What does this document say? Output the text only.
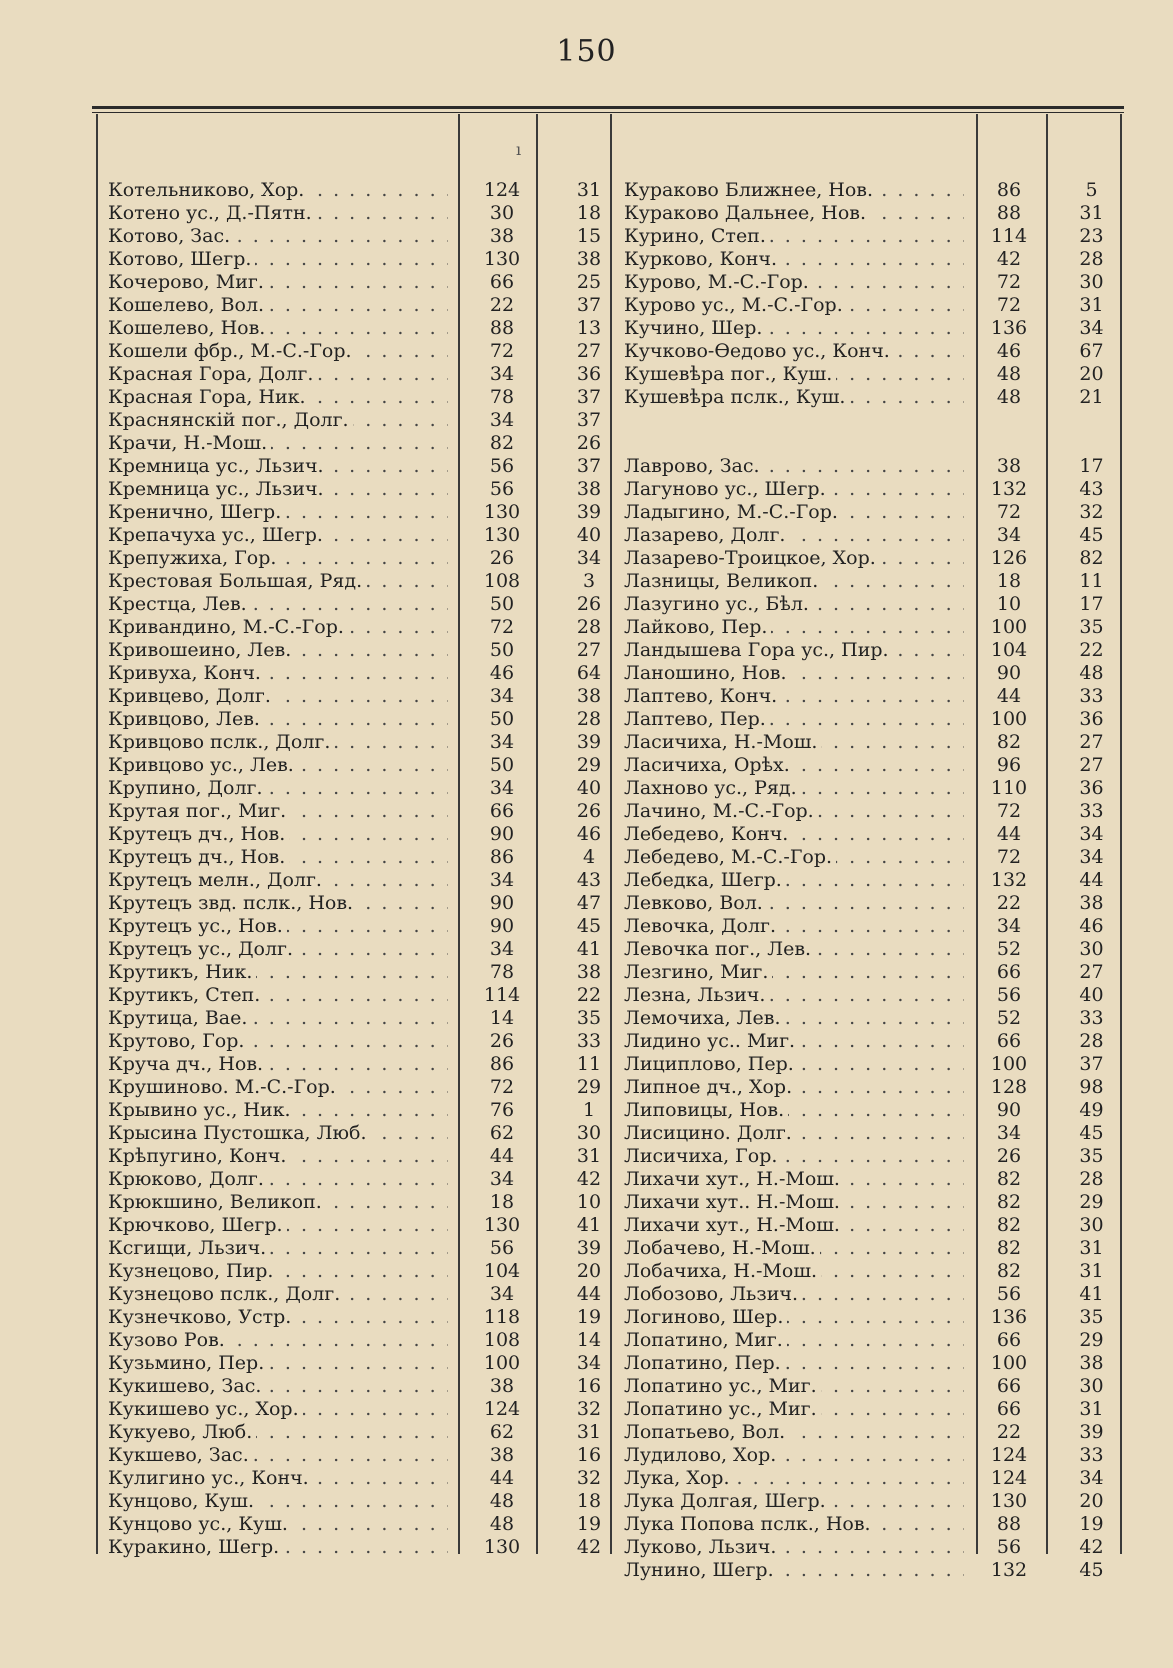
150
ı
Котельниково, Хор. . . .	124	31
Котено ус., Д.-Пятн. . . .	30	18
Котово, Зас. . . .	38	15
Котово, Шегр. . . .	130	38
Кочерово, Миг. . . .	66	25
Кошелево, Вол. . . .	22	37
Кошелево, Нов. . . .	88	13
Кошели фбр., М.-С.-Гор. . . .	72	27
Красная Гора, Долг. . . .	34	36
Красная Гора, Ник. . . .	78	37
Краснянскій пог., Долг. . . .	34	37
Крачи, Н.-Мош. . . .	82	26
Кремница ус., Льзич. . . .	56	37
Кремница ус., Льзич. . . .	56	38
Кренично, Шегр. . . .	130	39
Крепачуха ус., Шегр. . . .	130	40
Крепужиха, Гор. . . .	26	34
Крестовая Большая, Ряд. . . .	108	3
Крестца, Лев. . . .	50	26
Кривандино, М.-С.-Гор. . . .	72	28
Кривошеино, Лев. . . .	50	27
Кривуха, Конч. . . .	46	64
Кривцево, Долг. . . .	34	38
Кривцово, Лев. . . .	50	28
Кривцово пслк., Долг. . . .	34	39
Кривцово ус., Лев. . . .	50	29
Крупино, Долг. . . .	34	40
Крутая пог., Миг. . . .	66	26
Крутецъ дч., Нов. . . .	90	46
Крутецъ дч., Нов. . . .	86	4
Крутецъ мелн., Долг. . . .	34	43
Крутецъ звд. пслк., Нов. . . .	90	47
Крутецъ ус., Нов. . . .	90	45
Крутецъ ус., Долг. . . .	34	41
Крутикъ, Ник. . . .	78	38
Крутикъ, Степ. . . .	114	22
Крутица, Вае. . . .	14	35
Крутово, Гор. . . .	26	33
Круча дч., Нов. . . .	86	11
Крушиново. М.-С.-Гор. . . .	72	29
Крывино ус., Ник. . . .	76	1
Крысина Пустошка, Люб. . . .	62	30
Крѣпугино, Конч. . . .	44	31
Крюково, Долг. . . .	34	42
Крюкшино, Великоп. . . .	18	10
Крючково, Шегр. . . .	130	41
Ксгищи, Льзич. . . .	56	39
Кузнецово, Пир. . . .	104	20
Кузнецово пслк., Долг. . . .	34	44
Кузнечково, Устр. . . .	118	19
Кузово Ров. . . .	108	14
Кузьмино, Пер. . . .	100	34
Кукишево, Зас. . . .	38	16
Кукишево ус., Хор. . . .	124	32
Кукуево, Люб. . . .	62	31
Кукшево, Зас. . . .	38	16
Кулигино ус., Конч. . . .	44	32
Кунцово, Куш. . . .	48	18
Кунцово ус., Куш. . . .	48	19
Куракино, Шегр. . . .	130	42
Кураково Ближнее, Нов. . . .	86	5
Кураково Дальнее, Нов. . . .	88	31
Курино, Степ. . . .	114	23
Курково, Конч. . . .	42	28
Курово, М.-С.-Гор. . . .	72	30
Курово ус., М.-С.-Гор. . . .	72	31
Кучино, Шер. . . .	136	34
Кучково-Ѳедово ус., Конч. . . .	46	67
Кушевѣра пог., Куш. . . .	48	20
Кушевѣра пслк., Куш. . . .	48	21
Лаврово, Зас. . . .	38	17
Лагуново ус., Шегр. . . .	132	43
Ладыгино, М.-С.-Гор. . . .	72	32
Лазарево, Долг. . . .	34	45
Лазарево-Троицкое, Хор. . . .	126	82
Лазницы, Великоп. . . .	18	11
Лазугино ус., Бѣл. . . .	10	17
Лайково, Пер. . . .	100	35
Ландышева Гора ус., Пир. . . .	104	22
Ланошино, Нов. . . .	90	48
Лаптево, Конч. . . .	44	33
Лаптево, Пер. . . .	100	36
Ласичиха, Н.-Мош. . . .	82	27
Ласичиха, Орѣх. . . .	96	27
Лахново ус., Ряд. . . .	110	36
Лачино, М.-С.-Гор. . . .	72	33
Лебедево, Конч. . . .	44	34
Лебедево, М.-С.-Гор. . . .	72	34
Лебедка, Шегр. . . .	132	44
Левково, Вол. . . .	22	38
Левочка, Долг. . . .	34	46
Левочка пог., Лев. . . .	52	30
Лезгино, Миг. . . .	66	27
Лезна, Льзич. . . .	56	40
Лемочиха, Лев. . . .	52	33
Лидино ус.. Миг. . . .	66	28
Лициплово, Пер. . . .	100	37
Липное дч., Хор. . . .	128	98
Липовицы, Нов. . . .	90	49
Лисицино. Долг. . . .	34	45
Лисичиха, Гор. . . .	26	35
Лихачи хут., Н.-Мош. . . .	82	28
Лихачи хут.. Н.-Мош. . . .	82	29
Лихачи хут., Н.-Мош. . . .	82	30
Лобачево, Н.-Мош. . . .	82	31
Лобачиха, Н.-Мош. . . .	82	31
Лобозово, Льзич. . . .	56	41
Логиново, Шер. . . .	136	35
Лопатино, Миг. . . .	66	29
Лопатино, Пер. . . .	100	38
Лопатино ус., Миг. . . .	66	30
Лопатино ус., Миг. . . .	66	31
Лопатьево, Вол. . . .	22	39
Лудилово, Хор. . . .	124	33
Лука, Хор. . . .	124	34
Лука Долгая, Шегр. . . .	130	20
Лука Попова пслк., Нов. . . .	88	19
Луково, Льзич. . . .	56	42
Лунино, Шегр. . . .	132	45
